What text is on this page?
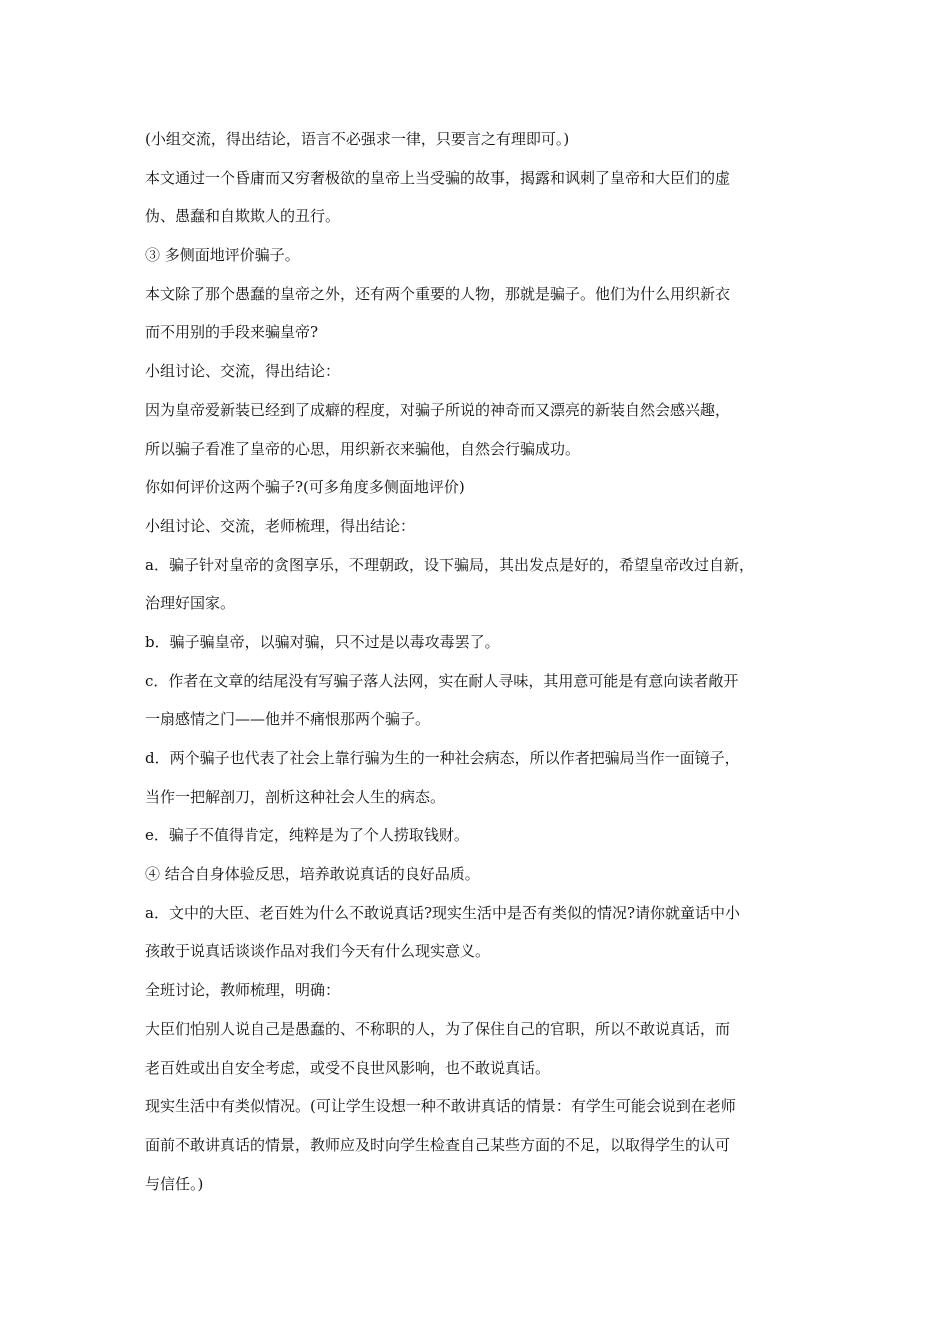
(小组交流，得出结论，语言不必强求一律，只要言之有理即可。)
本文通过一个昏庸而又穷奢极欲的皇帝上当受骗的故事，揭露和讽刺了皇帝和大臣们的虚
伪、愚蠢和自欺欺人的丑行。
③ 多侧面地评价骗子。
本文除了那个愚蠢的皇帝之外，还有两个重要的人物，那就是骗子。他们为什么用织新衣
而不用别的手段来骗皇帝?
小组讨论、交流，得出结论：
因为皇帝爱新装已经到了成癖的程度，对骗子所说的神奇而又漂亮的新装自然会感兴趣，
所以骗子看准了皇帝的心思，用织新衣来骗他，自然会行骗成功。
你如何评价这两个骗子?(可多角度多侧面地评价)
小组讨论、交流，老师梳理，得出结论：
a．骗子针对皇帝的贪图享乐，不理朝政，设下骗局，其出发点是好的，希望皇帝改过自新，
治理好国家。
b．骗子骗皇帝，以骗对骗，只不过是以毒攻毒罢了。
c．作者在文章的结尾没有写骗子落人法网，实在耐人寻味，其用意可能是有意向读者敞开
一扇感情之门——他并不痛恨那两个骗子。
d．两个骗子也代表了社会上靠行骗为生的一种社会病态，所以作者把骗局当作一面镜子，
当作一把解剖刀，剖析这种社会人生的病态。
e．骗子不值得肯定，纯粹是为了个人捞取钱财。
④ 结合自身体验反思，培养敢说真话的良好品质。
a．文中的大臣、老百姓为什么不敢说真话?现实生活中是否有类似的情况?请你就童话中小
孩敢于说真话谈谈作品对我们今天有什么现实意义。
全班讨论，教师梳理，明确：
大臣们怕别人说自己是愚蠢的、不称职的人，为了保住自己的官职，所以不敢说真话，而
老百姓或出自安全考虑，或受不良世风影响，也不敢说真话。
现实生活中有类似情况。(可让学生设想一种不敢讲真话的情景：有学生可能会说到在老师
面前不敢讲真话的情景，教师应及时向学生检查自己某些方面的不足，以取得学生的认可
与信任。)
